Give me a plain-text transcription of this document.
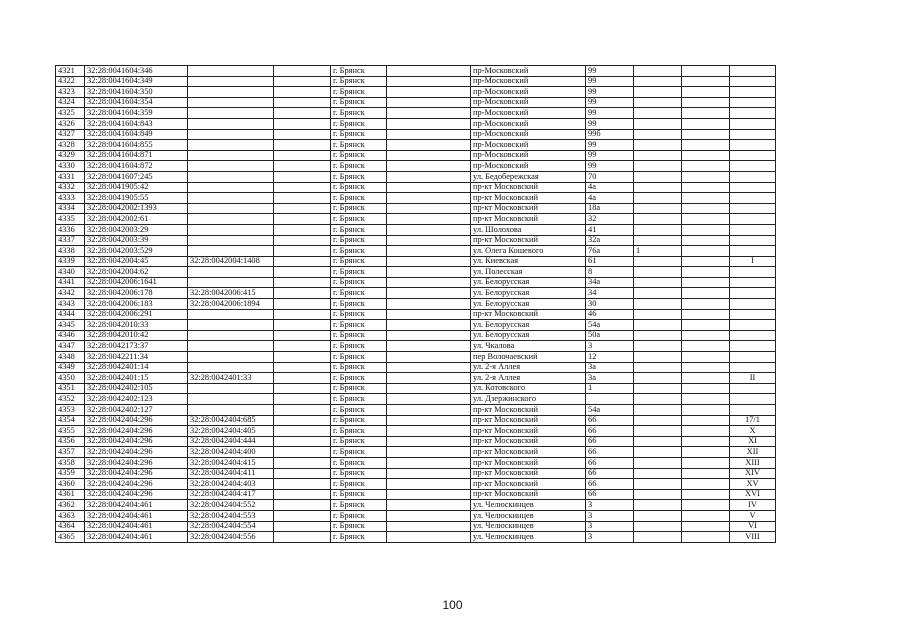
4321	32:28:0041604:346			г. Брянск		пр-Московский	99			
4322	32:28:0041604:349			г. Брянск		пр-Московский	99			
4323	32:28:0041604:350			г. Брянск		пр-Московский	99			
4324	32:28:0041604:354			г. Брянск		пр-Московский	99			
4325	32:28:0041604:359			г. Брянск		пр-Московский	99			
4326	32:28:0041604:843			г. Брянск		пр-Московский	99			
4327	32:28:0041604:849			г. Брянск		пр-Московский	99б			
4328	32:28:0041604:855			г. Брянск		пр-Московский	99			
4329	32:28:0041604:871			г. Брянск		пр-Московский	99			
4330	32:28:0041604:872			г. Брянск		пр-Московский	99			
4331	32:28:0041607:245			г. Брянск		ул. Бедобережская	70			
4332	32:28:0041905:42			г. Брянск		пр-кт Московский	4а			
4333	32:28:0041905:55			г. Брянск		пр-кт Московский	4а			
4334	32:28:0042002:1393			г. Брянск		пр-кт Московский	18а			
4335	32:28:0042002:61			г. Брянск		пр-кт Московский	32			
4336	32:28:0042003:29			г. Брянск		ул. Шолохова	41			
4337	32:28:0042003:39			г. Брянск		пр-кт Московский	32а			
4338	32:28:0042003:529			г. Брянск		ул. Олега Кошевого	76а	1		
4339	32:28:0042004:45	32:28:0042004:1408		г. Брянск		ул. Киевская	61			I
4340	32:28:0042004:62			г. Брянск		ул. Полесская	8			
4341	32:28:0042006:1641			г. Брянск		ул. Белорусская	34а			
4342	32:28:0042006:178	32:28:0042006:415		г. Брянск		ул. Белорусская	34			
4343	32:28:0042006:183	32:28:0042006:1894		г. Брянск		ул. Белорусская	30			
4344	32:28:0042006:291			г. Брянск		пр-кт Московский	46			
4345	32:28:0042010:33			г. Брянск		ул. Белорусская	54а			
4346	32:28:0042010:42			г. Брянск		ул. Белорусская	50а			
4347	32:28:0042173:37			г. Брянск		ул. Чкалова	3			
4348	32:28:0042211:34			г. Брянск		пер Волочаевский	12			
4349	32:28:0042401:14			г. Брянск		ул. 2-я Аллея	3а			
4350	32:28:0042401:15	32:28:0042401:33		г. Брянск		ул. 2-я Аллея	3а			II
4351	32:28:0042402:105			г. Брянск		ул. Котовского	1			
4352	32:28:0042402:123			г. Брянск		ул. Дзержинского				
4353	32:28:0042402:127			г. Брянск		пр-кт Московский	54а			
4354	32:28:0042404:296	32:28:0042404:685		г. Брянск		пр-кт Московский	66			17/1
4355	32:28:0042404:296	32:28:0042404:405		г. Брянск		пр-кт Московский	66			X
4356	32:28:0042404:296	32:28:0042404:444		г. Брянск		пр-кт Московский	66			XI
4357	32:28:0042404:296	32:28:0042404:400		г. Брянск		пр-кт Московский	66			XII
4358	32:28:0042404:296	32:28:0042404:415		г. Брянск		пр-кт Московский	66			XIII
4359	32:28:0042404:296	32:28:0042404:411		г. Брянск		пр-кт Московский	66			XIV
4360	32:28:0042404:296	32:28:0042404:403		г. Брянск		пр-кт Московский	66			XV
4361	32:28:0042404:296	32:28:0042404:417		г. Брянск		пр-кт Московский	66			XVI
4362	32:28:0042404:461	32:28:0042404:552		г. Брянск		ул. Челюскинцев	3			IV
4363	32:28:0042404:461	32:28:0042404:553		г. Брянск		ул. Челюскинцев	3			V
4364	32:28:0042404:461	32:28:0042404:554		г. Брянск		ул. Челюскинцев	3			VI
4365	32:28:0042404:461	32:28:0042404:556		г. Брянск		ул. Челюскинцев	3			VIII
100
